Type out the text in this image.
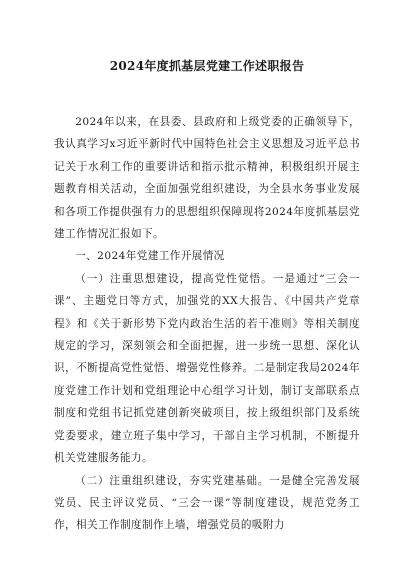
2024年度抓基层党建工作述职报告

2024年以来，在县委、县政府和上级党委的正确领导下，我认真学习x习近平新时代中国特色社会主义思想及习近平总书记关于水利工作的重要讲话和指示批示精神，积极组织开展主题教育相关活动，全面加强党组织建设，为全县水务事业发展和各项工作提供强有力的思想组织保障现将2024年度抓基层党建工作情况汇报如下。

一、2024年党建工作开展情况

（一）注重思想建设，提高党性觉悟。一是通过“三会一课”、主题党日等方式，加强党的XX大报告、《中国共产党章程》和《关于新形势下党内政治生活的若干准则》等相关制度规定的学习，深刻领会和全面把握，进一步统一思想、深化认识，不断提高党性觉悟、增强党性修养。二是制定我局2024年度党建工作计划和党组理论中心组学习计划，制订支部联系点制度和党组书记抓党建创新突破项目，按上级组织部门及系统党委要求，建立班子集中学习，干部自主学习机制，不断提升机关党建服务能力。

（二）注重组织建设，夯实党建基础。一是健全完善发展党员、民主评议党员、“三会一课”等制度建设，规范党务工作，相关工作制度制作上墙，增强党员的吸附力
